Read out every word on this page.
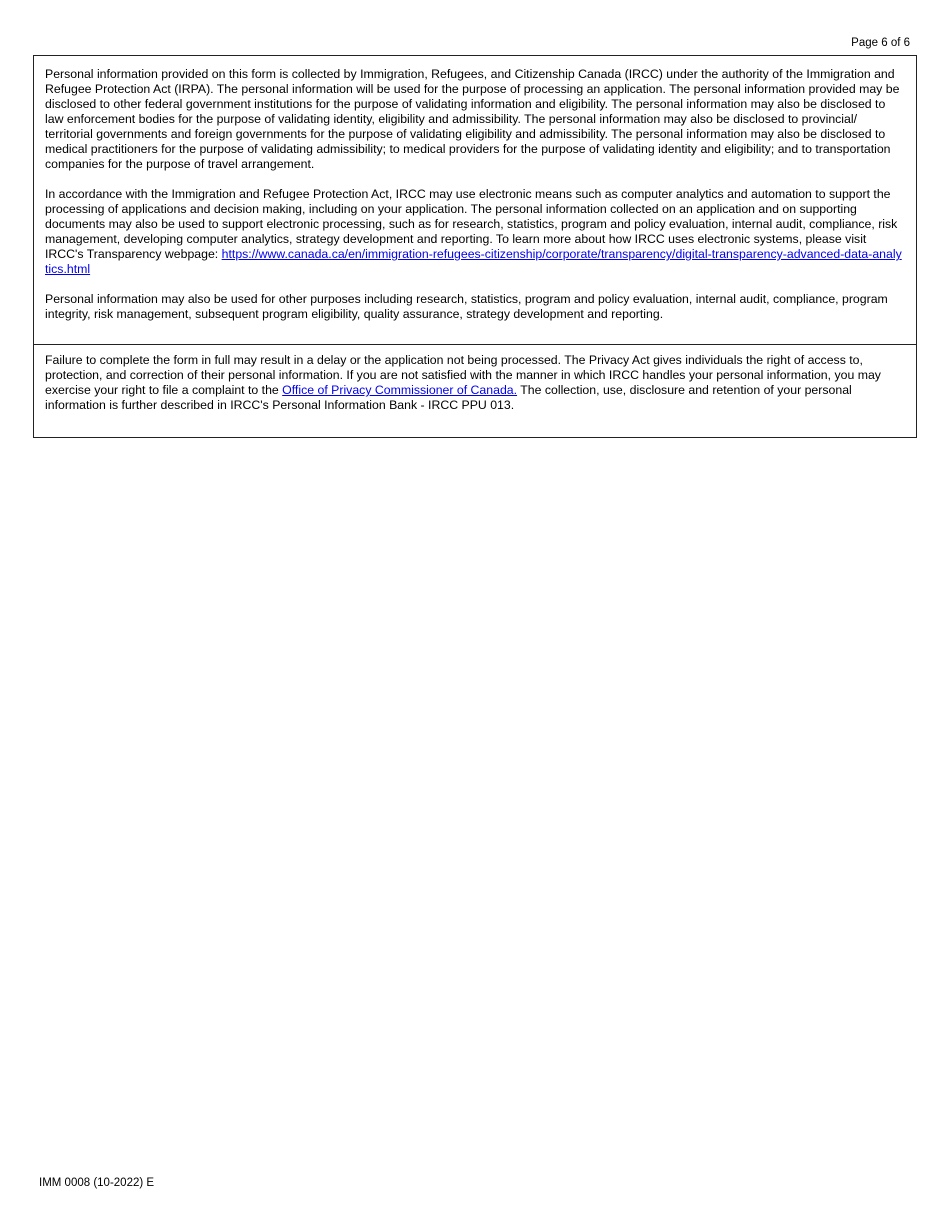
Page 6 of 6

Personal information provided on this form is collected by Immigration, Refugees, and Citizenship Canada (IRCC) under the authority of the Immigration and Refugee Protection Act (IRPA). The personal information will be used for the purpose of processing an application. The personal information provided may be disclosed to other federal government institutions for the purpose of validating information and eligibility. The personal information may also be disclosed to law enforcement bodies for the purpose of validating identity, eligibility and admissibility. The personal information may also be disclosed to provincial/ territorial governments and foreign governments for the purpose of validating eligibility and admissibility. The personal information may also be disclosed to medical practitioners for the purpose of validating admissibility; to medical providers for the purpose of validating identity and eligibility; and to transportation companies for the purpose of travel arrangement.

In accordance with the Immigration and Refugee Protection Act, IRCC may use electronic means such as computer analytics and automation to support the processing of applications and decision making, including on your application. The personal information collected on an application and on supporting documents may also be used to support electronic processing, such as for research, statistics, program and policy evaluation, internal audit, compliance, risk management, developing computer analytics, strategy development and reporting. To learn more about how IRCC uses electronic systems, please visit IRCC's Transparency webpage: https://www.canada.ca/en/immigration-refugees-citizenship/corporate/transparency/digital-transparency-advanced-data-analytics.html

Personal information may also be used for other purposes including research, statistics, program and policy evaluation, internal audit, compliance, program integrity, risk management, subsequent program eligibility, quality assurance, strategy development and reporting.

Failure to complete the form in full may result in a delay or the application not being processed. The Privacy Act gives individuals the right of access to, protection, and correction of their personal information. If you are not satisfied with the manner in which IRCC handles your personal information, you may exercise your right to file a complaint to the Office of Privacy Commissioner of Canada. The collection, use, disclosure and retention of your personal information is further described in IRCC's Personal Information Bank - IRCC PPU 013.

IMM 0008 (10-2022) E
